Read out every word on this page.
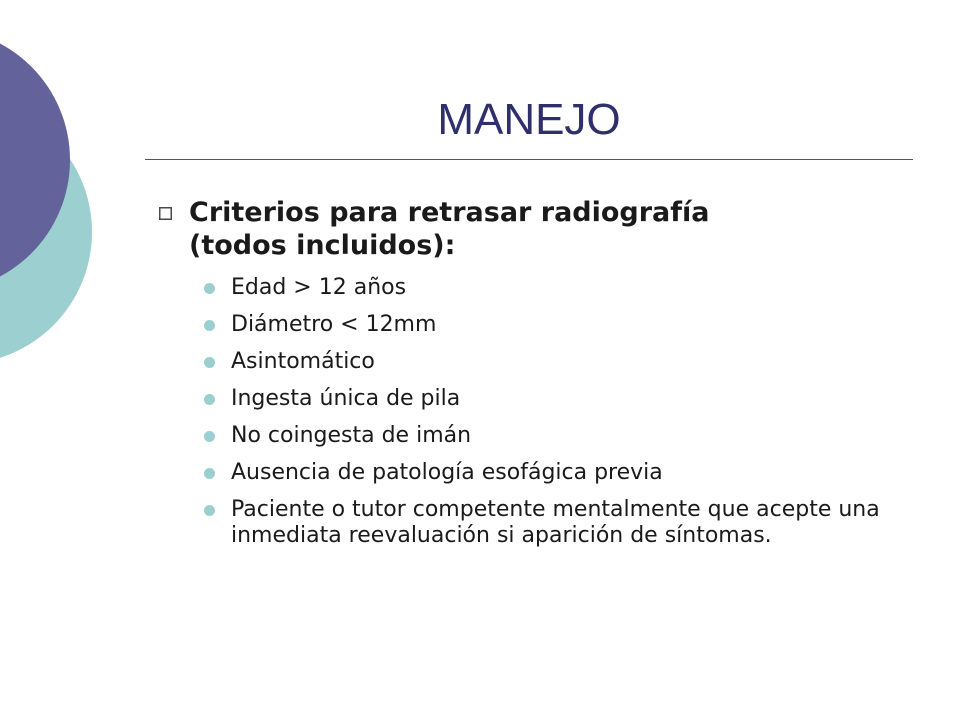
MANEJO

Criterios para retrasar radiografía (todos incluidos):

Edad > 12 años
Diámetro < 12mm
Asintomático
Ingesta única de pila
No coingesta de imán
Ausencia de patología esofágica previa
Paciente o tutor competente mentalmente que acepte una inmediata reevaluación si aparición de síntomas.
